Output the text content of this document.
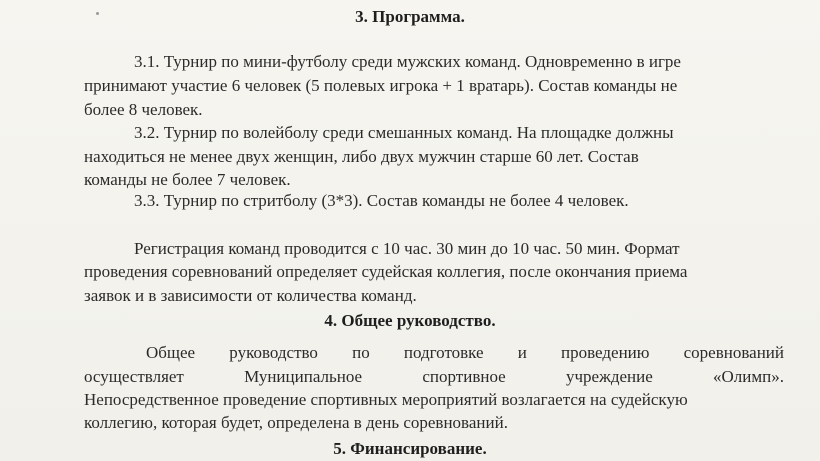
3. Программа.

3.1. Турнир по мини-футболу среди мужских команд. Одновременно в игре

принимают участие 6 человек (5 полевых игрока + 1 вратарь). Состав команды не

более 8 человек.

3.2. Турнир по волейболу среди смешанных команд. На площадке должны

находиться не менее двух женщин, либо двух мужчин старше 60 лет. Состав

команды не более 7 человек.

3.3. Турнир по стритболу (3*3). Состав команды не более 4 человек.

Регистрация команд проводится с 10 час. 30 мин до 10 час. 50 мин. Формат

проведения соревнований определяет судейская коллегия, после окончания приема

заявок и в зависимости от количества команд.

4. Общее руководство.

Общее руководство по подготовке и проведению соревнований

осуществляет Муниципальное спортивное учреждение «Олимп».

Непосредственное проведение спортивных мероприятий возлагается на судейскую

коллегию, которая будет, определена в день соревнований.

5. Финансирование.
